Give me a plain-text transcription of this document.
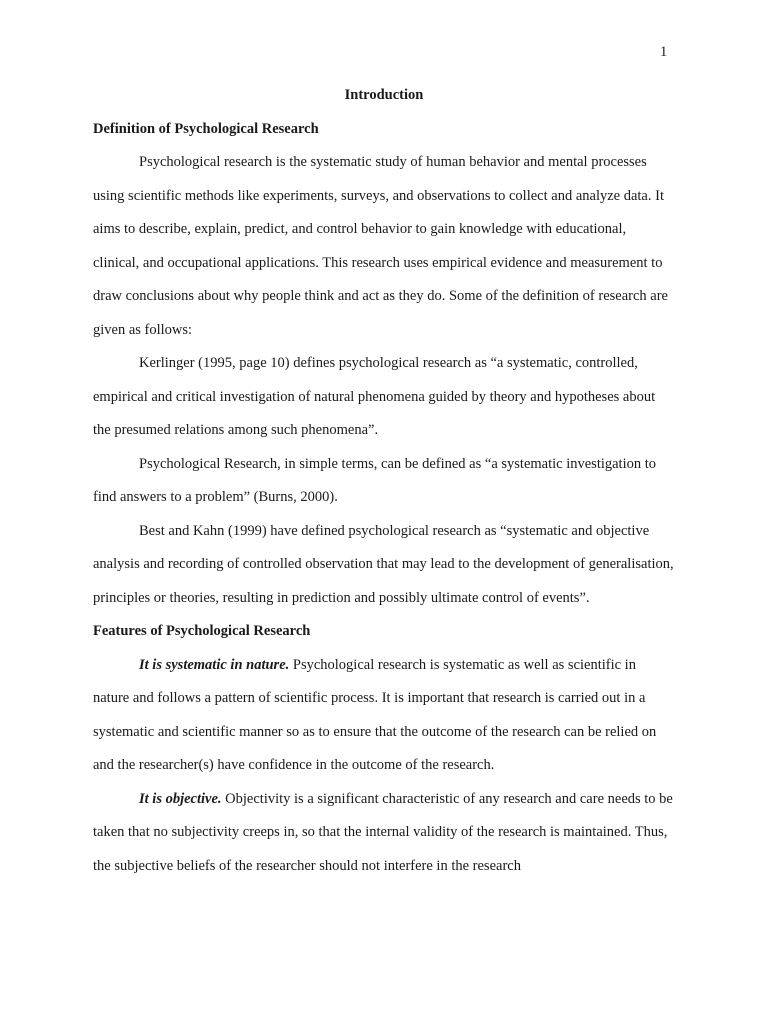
1

Introduction

Definition of Psychological Research

Psychological research is the systematic study of human behavior and mental processes using scientific methods like experiments, surveys, and observations to collect and analyze data. It aims to describe, explain, predict, and control behavior to gain knowledge with educational, clinical, and occupational applications. This research uses empirical evidence and measurement to draw conclusions about why people think and act as they do. Some of the definition of research are given as follows:

Kerlinger (1995, page 10) defines psychological research as “a systematic, controlled, empirical and critical investigation of natural phenomena guided by theory and hypotheses about the presumed relations among such phenomena”.

Psychological Research, in simple terms, can be defined as “a systematic investigation to find answers to a problem” (Burns, 2000).

Best and Kahn (1999) have defined psychological research as “systematic and objective analysis and recording of controlled observation that may lead to the development of generalisation, principles or theories, resulting in prediction and possibly ultimate control of events”.

Features of Psychological Research

It is systematic in nature. Psychological research is systematic as well as scientific in nature and follows a pattern of scientific process. It is important that research is carried out in a systematic and scientific manner so as to ensure that the outcome of the research can be relied on and the researcher(s) have confidence in the outcome of the research.

It is objective. Objectivity is a significant characteristic of any research and care needs to be taken that no subjectivity creeps in, so that the internal validity of the research is maintained. Thus, the subjective beliefs of the researcher should not interfere in the research
